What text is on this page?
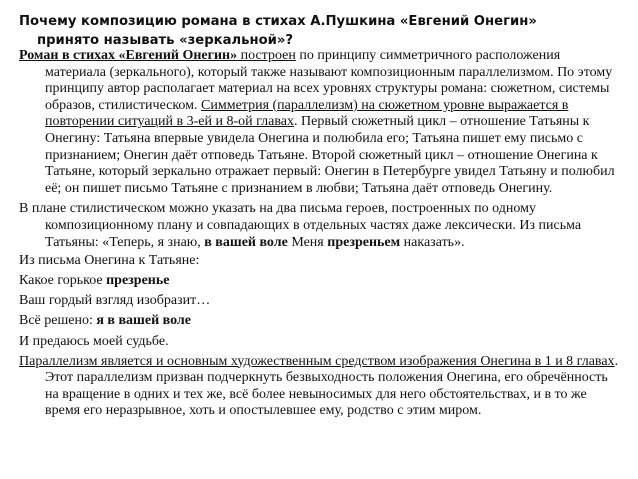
Почему композицию романа в стихах А.Пушкина «Евгений Онегин»
принято называть «зеркальной»?

Роман в стихах «Евгений Онегин» построен по принципу симметричного расположения материала (зеркального), который также называют композиционным параллелизмом. По этому принципу автор располагает материал на всех уровнях структуры романа: сюжетном, системы образов, стилистическом. Симметрия (параллелизм) на сюжетном уровне выражается в повторении ситуаций в 3-ей и 8-ой главах. Первый сюжетный цикл – отношение Татьяны к Онегину: Татьяна впервые увидела Онегина и полюбила его; Татьяна пишет ему письмо с признанием; Онегин даёт отповедь Татьяне. Второй сюжетный цикл – отношение Онегина к Татьяне, который зеркально отражает первый: Онегин в Петербурге увидел Татьяну и полюбил её; он пишет письмо Татьяне с признанием в любви; Татьяна даёт отповедь Онегину.

В плане стилистическом можно указать на два письма героев, построенных по одному композиционному плану и совпадающих в отдельных частях даже лексически. Из письма Татьяны: «Теперь, я знаю, в вашей воле Меня презреньем наказать».

Из письма Онегина к Татьяне:

Какое горькое презренье

Ваш гордый взгляд изобразит…

Всё решено: я в вашей воле

И предаюсь моей судьбе.

Параллелизм является и основным художественным средством изображения Онегина в 1 и 8 главах. Этот параллелизм призван подчеркнуть безвыходность положения Онегина, его обречённость на вращение в одних и тех же, всё более невыносимых для него обстоятельствах, и в то же время его неразрывное, хоть и опостылевшее ему, родство с этим миром.
